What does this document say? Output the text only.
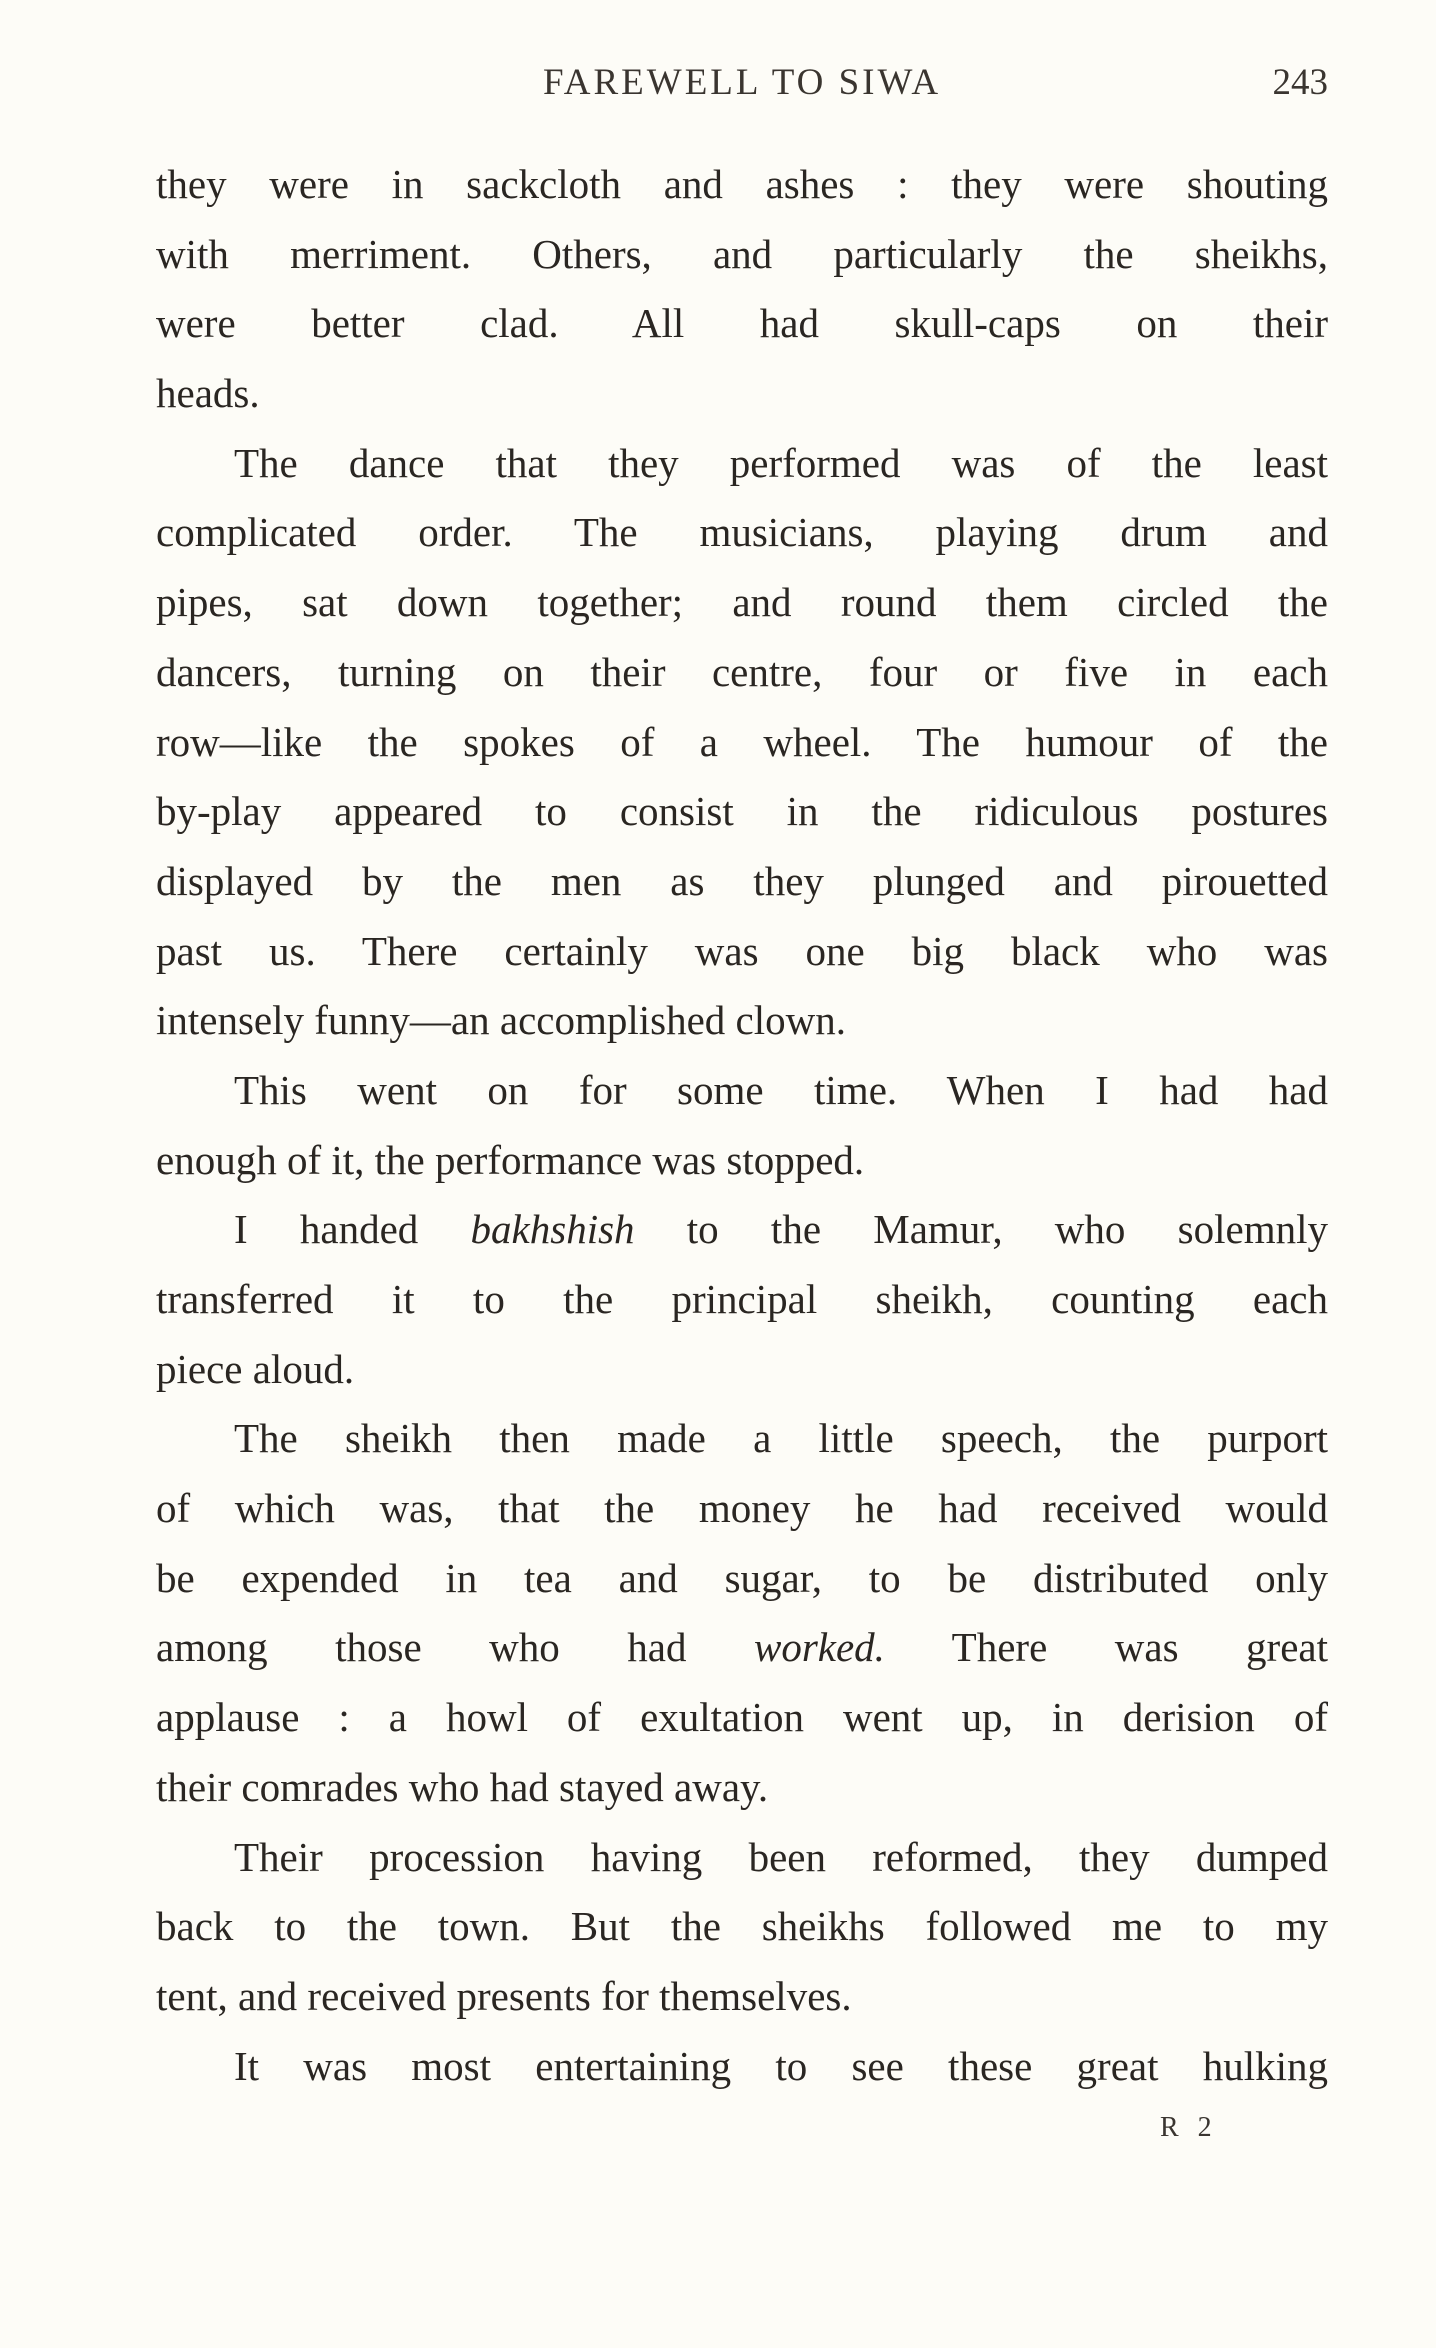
FAREWELL TO SIWA	243
they were in sackcloth and ashes : they were shouting
with merriment. Others, and particularly the sheikhs,
were better clad. All had skull-caps on their
heads.
The dance that they performed was of the least
complicated order. The musicians, playing drum and
pipes, sat down together; and round them circled the
dancers, turning on their centre, four or five in each
row—like the spokes of a wheel. The humour of the
by-play appeared to consist in the ridiculous postures
displayed by the men as they plunged and pirouetted
past us. There certainly was one big black who was
intensely funny—an accomplished clown.
This went on for some time. When I had had
enough of it, the performance was stopped.
I handed bakhshish to the Mamur, who solemnly
transferred it to the principal sheikh, counting each
piece aloud.
The sheikh then made a little speech, the purport
of which was, that the money he had received would
be expended in tea and sugar, to be distributed only
among those who had worked. There was great
applause : a howl of exultation went up, in derision of
their comrades who had stayed away.
Their procession having been reformed, they dumped
back to the town. But the sheikhs followed me to my
tent, and received presents for themselves.
It was most entertaining to see these great hulking
R 2
